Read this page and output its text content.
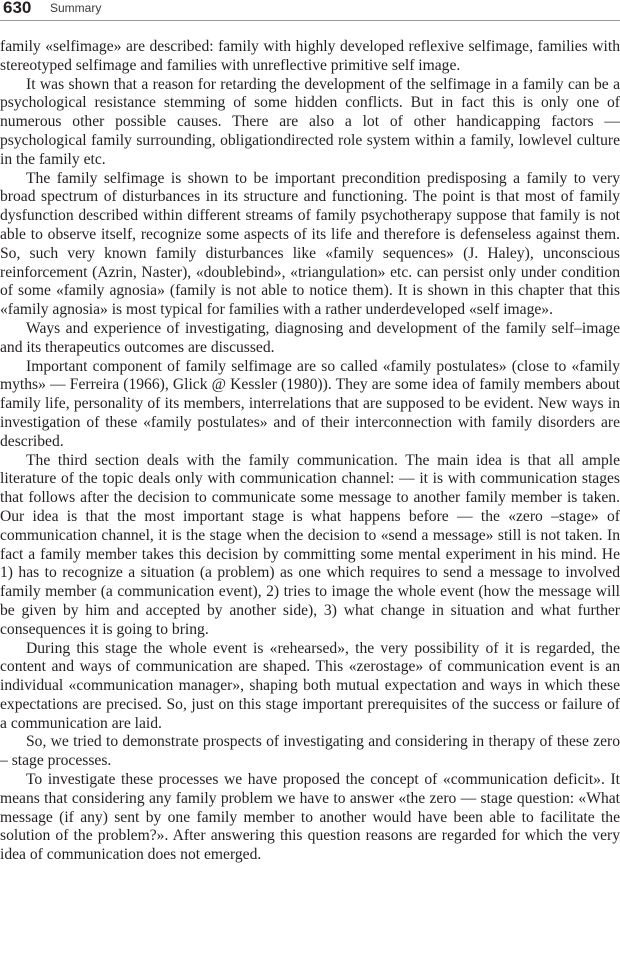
630 Summary

family «selfimage» are described: family with highly developed reflexive selfimage, families with stereotyped selfimage and families with unreflective primitive self image.

It was shown that a reason for retarding the development of the selfimage in a family can be a psychological resistance stemming of some hidden conflicts. But in fact this is only one of numerous other possible causes. There are also a lot of other handicapping factors — psychological family surrounding, obligationdirected role system within a family, lowlevel culture in the family etc.

The family selfimage is shown to be important precondition predisposing a family to very broad spectrum of disturbances in its structure and functioning. The point is that most of family dysfunction described within different streams of family psychotherapy suppose that family is not able to observe itself, recognize some aspects of its life and therefore is defenseless against them. So, such very known family disturbances like «family sequences» (J. Haley), unconscious reinforcement (Azrin, Naster), «doublebind», «triangulation» etc. can persist only under condition of some «family agnosia» (family is not able to notice them). It is shown in this chapter that this «family agnosia» is most typical for families with a rather underdeveloped «self image».

Ways and experience of investigating, diagnosing and development of the family self–image and its therapeutics outcomes are discussed.

Important component of family selfimage are so called «family postulates» (close to «family myths» — Ferreira (1966), Glick @ Kessler (1980)). They are some idea of family members about family life, personality of its members, interrelations that are supposed to be evident. New ways in investigation of these «family postulates» and of their interconnection with family disorders are described.

The third section deals with the family communication. The main idea is that all ample literature of the topic deals only with communication channel: — it is with communication stages that follows after the decision to communicate some message to another family member is taken. Our idea is that the most important stage is what happens before — the «zero –stage» of communication channel, it is the stage when the decision to «send a message» still is not taken. In fact a family member takes this decision by committing some mental experiment in his mind. He 1) has to recognize a situation (a problem) as one which requires to send a message to involved family member (a communication event), 2) tries to image the whole event (how the message will be given by him and accepted by another side), 3) what change in situation and what further consequences it is going to bring.

During this stage the whole event is «rehearsed», the very possibility of it is regarded, the content and ways of communication are shaped. This «zerostage» of communication event is an individual «communication manager», shaping both mutual expectation and ways in which these expectations are precised. So, just on this stage important prerequisites of the success or failure of a communication are laid.

So, we tried to demonstrate prospects of investigating and considering in therapy of these zero – stage processes.

To investigate these processes we have proposed the concept of «communication deficit». It means that considering any family problem we have to answer «the zero — stage question: «What message (if any) sent by one family member to another would have been able to facilitate the solution of the problem?». After answering this question reasons are regarded for which the very idea of communication does not emerged.
